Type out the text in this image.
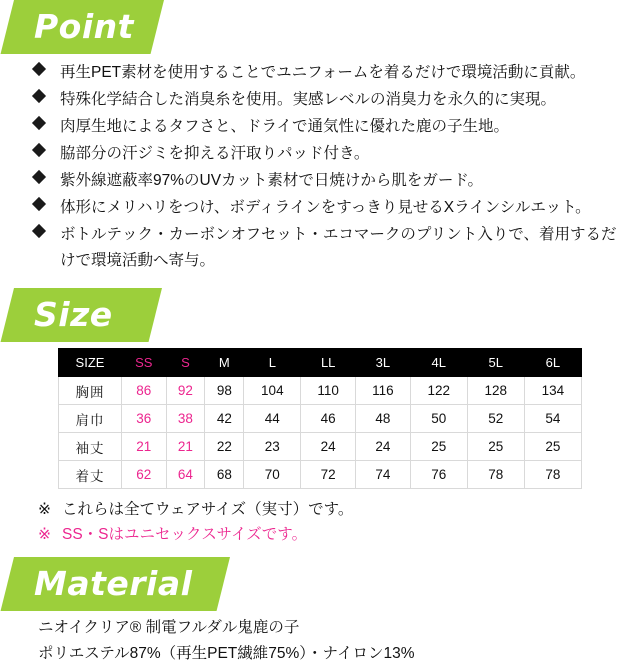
Point
再生PET素材を使用することでユニフォームを着るだけで環境活動に貢献。
特殊化学結合した消臭糸を使用。実感レベルの消臭力を永久的に実現。
肉厚生地によるタフさと、ドライで通気性に優れた鹿の子生地。
脇部分の汗ジミを抑える汗取りパッド付き。
紫外線遮蔽率97%のUVカット素材で日焼けから肌をガード。
体形にメリハリをつけ、ボディラインをすっきり見せるXラインシルエット。
ボトルテック・カーボンオフセット・エコマークのプリント入りで、着用するだけで環境活動へ寄与。
Size
SIZE	SS	S	M	L	LL	3L	4L	5L	6L
胸囲	86	92	98	104	110	116	122	128	134
肩巾	36	38	42	44	46	48	50	52	54
袖丈	21	21	22	23	24	24	25	25	25
着丈	62	64	68	70	72	74	76	78	78
※ これらは全てウェアサイズ（実寸）です。
※ SS・Sはユニセックスサイズです。
Material
ニオイクリア® 制電フルダル鬼鹿の子
ポリエステル87%（再生PET繊維75%）・ナイロン13%
